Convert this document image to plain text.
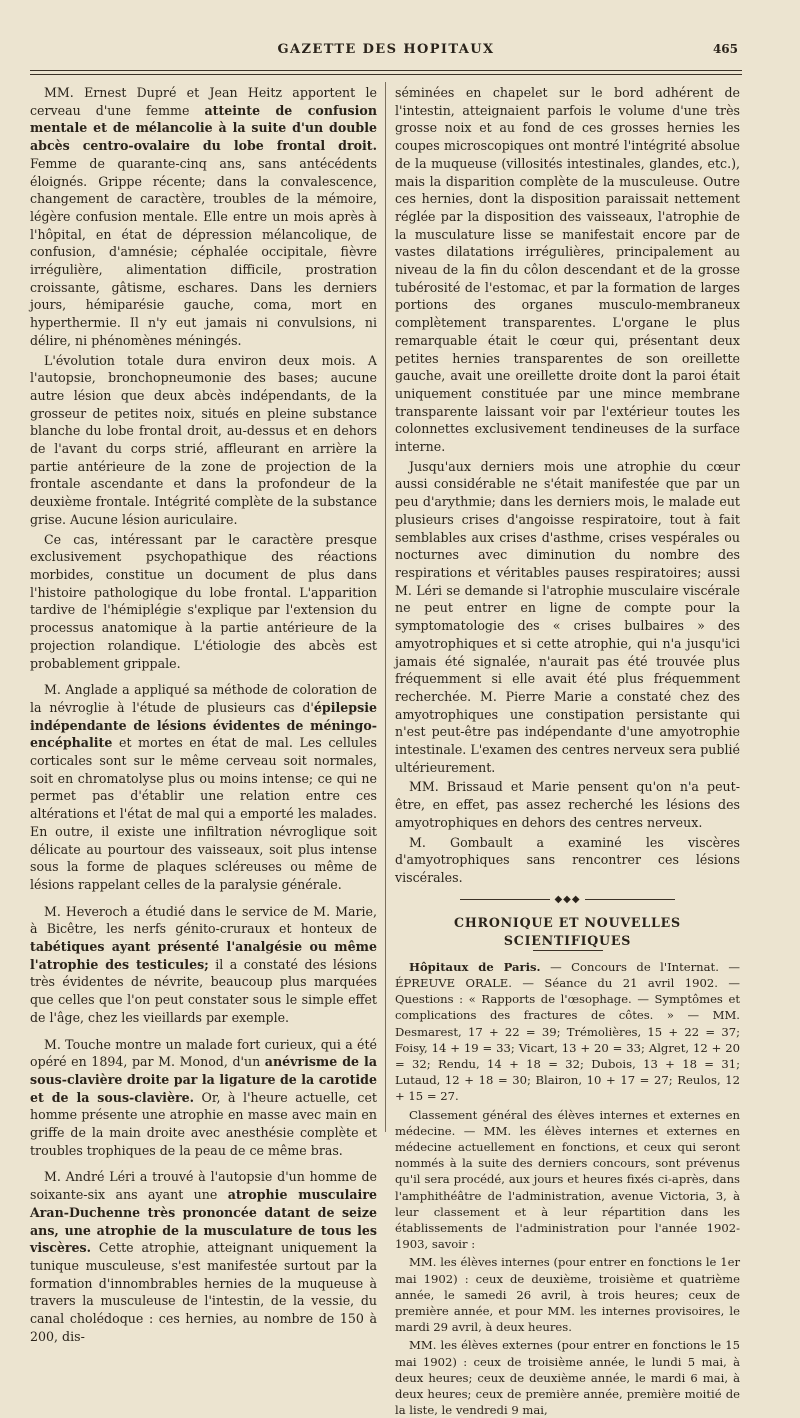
GAZETTE DES HOPITAUX	465

MM. Ernest Dupré et Jean Heitz apportent le cerveau d'une femme atteinte de confusion mentale et de mélancolie à la suite d'un double abcès centro-ovalaire du lobe frontal droit. Femme de quarante-cinq ans, sans antécédents éloignés. Grippe récente; dans la convalescence, changement de caractère, troubles de la mémoire, légère confusion mentale. Elle entre un mois après à l'hôpital, en état de dépression mélancolique, de confusion, d'amnésie; céphalée occipitale, fièvre irrégulière, alimentation difficile, prostration croissante, gâtisme, eschares. Dans les derniers jours, hémiparésie gauche, coma, mort en hyperthermie. Il n'y eut jamais ni convulsions, ni délire, ni phénomènes méningés.

L'évolution totale dura environ deux mois. A l'autopsie, bronchopneumonie des bases; aucune autre lésion que deux abcès indépendants, de la grosseur de petites noix, situés en pleine substance blanche du lobe frontal droit, au-dessus et en dehors de l'avant du corps strié, affleurant en arrière la partie antérieure de la zone de projection de la frontale ascendante et dans la profondeur de la deuxième frontale. Intégrité complète de la substance grise. Aucune lésion auriculaire.

Ce cas, intéressant par le caractère presque exclusivement psychopathique des réactions morbides, constitue un document de plus dans l'histoire pathologique du lobe frontal. L'apparition tardive de l'hémiplégie s'explique par l'extension du processus anatomique à la partie antérieure de la projection rolandique. L'étiologie des abcès est probablement grippale.

M. Anglade a appliqué sa méthode de coloration de la névroglie à l'étude de plusieurs cas d'épilepsie indépendante de lésions évidentes de méningo-encéphalite et mortes en état de mal. Les cellules corticales sont sur le même cerveau soit normales, soit en chromatolyse plus ou moins intense; ce qui ne permet pas d'établir une relation entre ces altérations et l'état de mal qui a emporté les malades. En outre, il existe une infiltration névroglique soit délicate au pourtour des vaisseaux, soit plus intense sous la forme de plaques scléreuses ou même de lésions rappelant celles de la paralysie générale.

M. Heveroch a étudié dans le service de M. Marie, à Bicêtre, les nerfs génito-cruraux et honteux de tabétiques ayant présenté l'analgésie ou même l'atrophie des testicules; il a constaté des lésions très évidentes de névrite, beaucoup plus marquées que celles que l'on peut constater sous le simple effet de l'âge, chez les vieillards par exemple.

M. Touche montre un malade fort curieux, qui a été opéré en 1894, par M. Monod, d'un anévrisme de la sous-clavière droite par la ligature de la carotide et de la sous-clavière. Or, à l'heure actuelle, cet homme présente une atrophie en masse avec main en griffe de la main droite avec anesthésie complète et troubles trophiques de la peau de ce même bras.

M. André Léri a trouvé à l'autopsie d'un homme de soixante-six ans ayant une atrophie musculaire Aran-Duchenne très prononcée datant de seize ans, une atrophie de la musculature de tous les viscères. Cette atrophie, atteignant uniquement la tunique musculeuse, s'est manifestée surtout par la formation d'innombrables hernies de la muqueuse à travers la musculeuse de l'intestin, de la vessie, du canal cholédoque : ces hernies, au nombre de 150 à 200, dis-

séminées en chapelet sur le bord adhérent de l'intestin, atteignaient parfois le volume d'une très grosse noix et au fond de ces grosses hernies les coupes microscopiques ont montré l'intégrité absolue de la muqueuse (villosités intestinales, glandes, etc.), mais la disparition complète de la musculeuse. Outre ces hernies, dont la disposition paraissait nettement réglée par la disposition des vaisseaux, l'atrophie de la musculature lisse se manifestait encore par de vastes dilatations irrégulières, principalement au niveau de la fin du côlon descendant et de la grosse tubérosité de l'estomac, et par la formation de larges portions des organes musculo-membraneux complètement transparentes. L'organe le plus remarquable était le cœur qui, présentant deux petites hernies transparentes de son oreillette gauche, avait une oreillette droite dont la paroi était uniquement constituée par une mince membrane transparente laissant voir par l'extérieur toutes les colonnettes exclusivement tendineuses de la surface interne.

Jusqu'aux derniers mois une atrophie du cœur aussi considérable ne s'était manifestée que par un peu d'arythmie; dans les derniers mois, le malade eut plusieurs crises d'angoisse respiratoire, tout à fait semblables aux crises d'asthme, crises vespérales ou nocturnes avec diminution du nombre des respirations et véritables pauses respiratoires; aussi M. Léri se demande si l'atrophie musculaire viscérale ne peut entrer en ligne de compte pour la symptomatologie des « crises bulbaires » des amyotrophiques et si cette atrophie, qui n'a jusqu'ici jamais été signalée, n'aurait pas été trouvée plus fréquemment si elle avait été plus fréquemment recherchée. M. Pierre Marie a constaté chez des amyotrophiques une constipation persistante qui n'est peut-être pas indépendante d'une amyotrophie intestinale. L'examen des centres nerveux sera publié ultérieurement.

MM. Brissaud et Marie pensent qu'on n'a peut-être, en effet, pas assez recherché les lésions des amyotrophiques en dehors des centres nerveux.

M. Gombault a examiné les viscères d'amyotrophiques sans rencontrer ces lésions viscérales.

◆◆◆

CHRONIQUE ET NOUVELLES SCIENTIFIQUES

Hôpitaux de Paris. — Concours de l'Internat. — ÉPREUVE ORALE. — Séance du 21 avril 1902. — Questions : « Rapports de l'œsophage. — Symptômes et complications des fractures de côtes. » — MM. Desmarest, 17 + 22 = 39; Trémolières, 15 + 22 = 37; Foisy, 14 + 19 = 33; Vicart, 13 + 20 = 33; Algret, 12 + 20 = 32; Rendu, 14 + 18 = 32; Dubois, 13 + 18 = 31; Lutaud, 12 + 18 = 30; Blairon, 10 + 17 = 27; Reulos, 12 + 15 = 27.

Classement général des élèves internes et externes en médecine. — MM. les élèves internes et externes en médecine actuellement en fonctions, et ceux qui seront nommés à la suite des derniers concours, sont prévenus qu'il sera procédé, aux jours et heures fixés ci-après, dans l'amphithéâtre de l'administration, avenue Victoria, 3, à leur classement et à leur répartition dans les établissements de l'administration pour l'année 1902-1903, savoir :

MM. les élèves internes (pour entrer en fonctions le 1er mai 1902) : ceux de deuxième, troisième et quatrième année, le samedi 26 avril, à trois heures; ceux de première année, et pour MM. les internes provisoires, le mardi 29 avril, à deux heures.

MM. les élèves externes (pour entrer en fonctions le 15 mai 1902) : ceux de troisième année, le lundi 5 mai, à deux heures; ceux de deuxième année, le mardi 6 mai, à deux heures; ceux de première année, première moitié de la liste, le vendredi 9 mai,
